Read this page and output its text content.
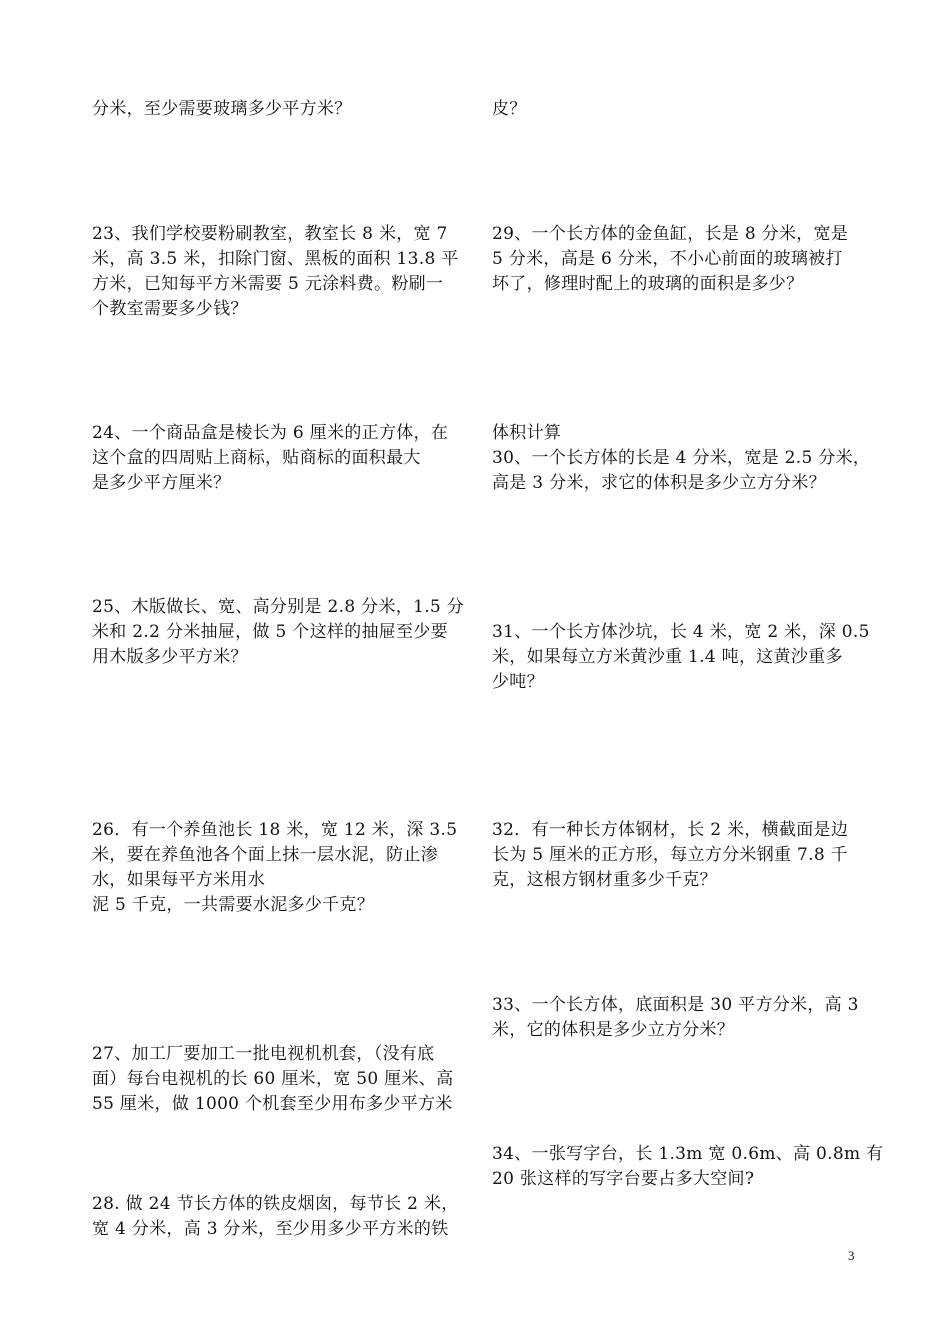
分米，至少需要玻璃多少平方米？
23、我们学校要粉刷教室，教室长 8 米，宽 7
米，高 3.5 米，扣除门窗、黑板的面积 13.8 平
方米，已知每平方米需要 5 元涂料费。粉刷一
个教室需要多少钱？
24、一个商品盒是棱长为 6 厘米的正方体，在
这个盒的四周贴上商标，贴商标的面积最大
是多少平方厘米？
25、木版做长、宽、高分别是 2.8 分米，1.5 分
米和 2.2 分米抽屉，做 5 个这样的抽屉至少要
用木版多少平方米？
26．有一个养鱼池长 18 米，宽 12 米，深 3.5
米，要在养鱼池各个面上抹一层水泥，防止渗
水，如果每平方米用水
泥 5 千克，一共需要水泥多少千克？
27、加工厂要加工一批电视机机套，（没有底
面）每台电视机的长 60 厘米，宽 50 厘米、高
55 厘米，做 1000 个机套至少用布多少平方米
28. 做 24 节长方体的铁皮烟囱，每节长 2 米，
宽 4 分米，高 3 分米，至少用多少平方米的铁
皮？
29、一个长方体的金鱼缸，长是 8 分米，宽是
5 分米，高是 6 分米，不小心前面的玻璃被打
坏了，修理时配上的玻璃的面积是多少？
体积计算
30、一个长方体的长是 4 分米，宽是 2.5 分米，
高是 3 分米，求它的体积是多少立方分米？
31、一个长方体沙坑，长 4 米，宽 2 米，深 0.5
米，如果每立方米黄沙重 1.4 吨，这黄沙重多
少吨？
32．有一种长方体钢材，长 2 米，横截面是边
长为 5 厘米的正方形，每立方分米钢重 7.8 千
克，这根方钢材重多少千克？
33、一个长方体，底面积是 30 平方分米，高 3
米，它的体积是多少立方分米？
34、一张写字台，长 1.3m 宽 0.6m、高 0.8m 有
20 张这样的写字台要占多大空间?
3
